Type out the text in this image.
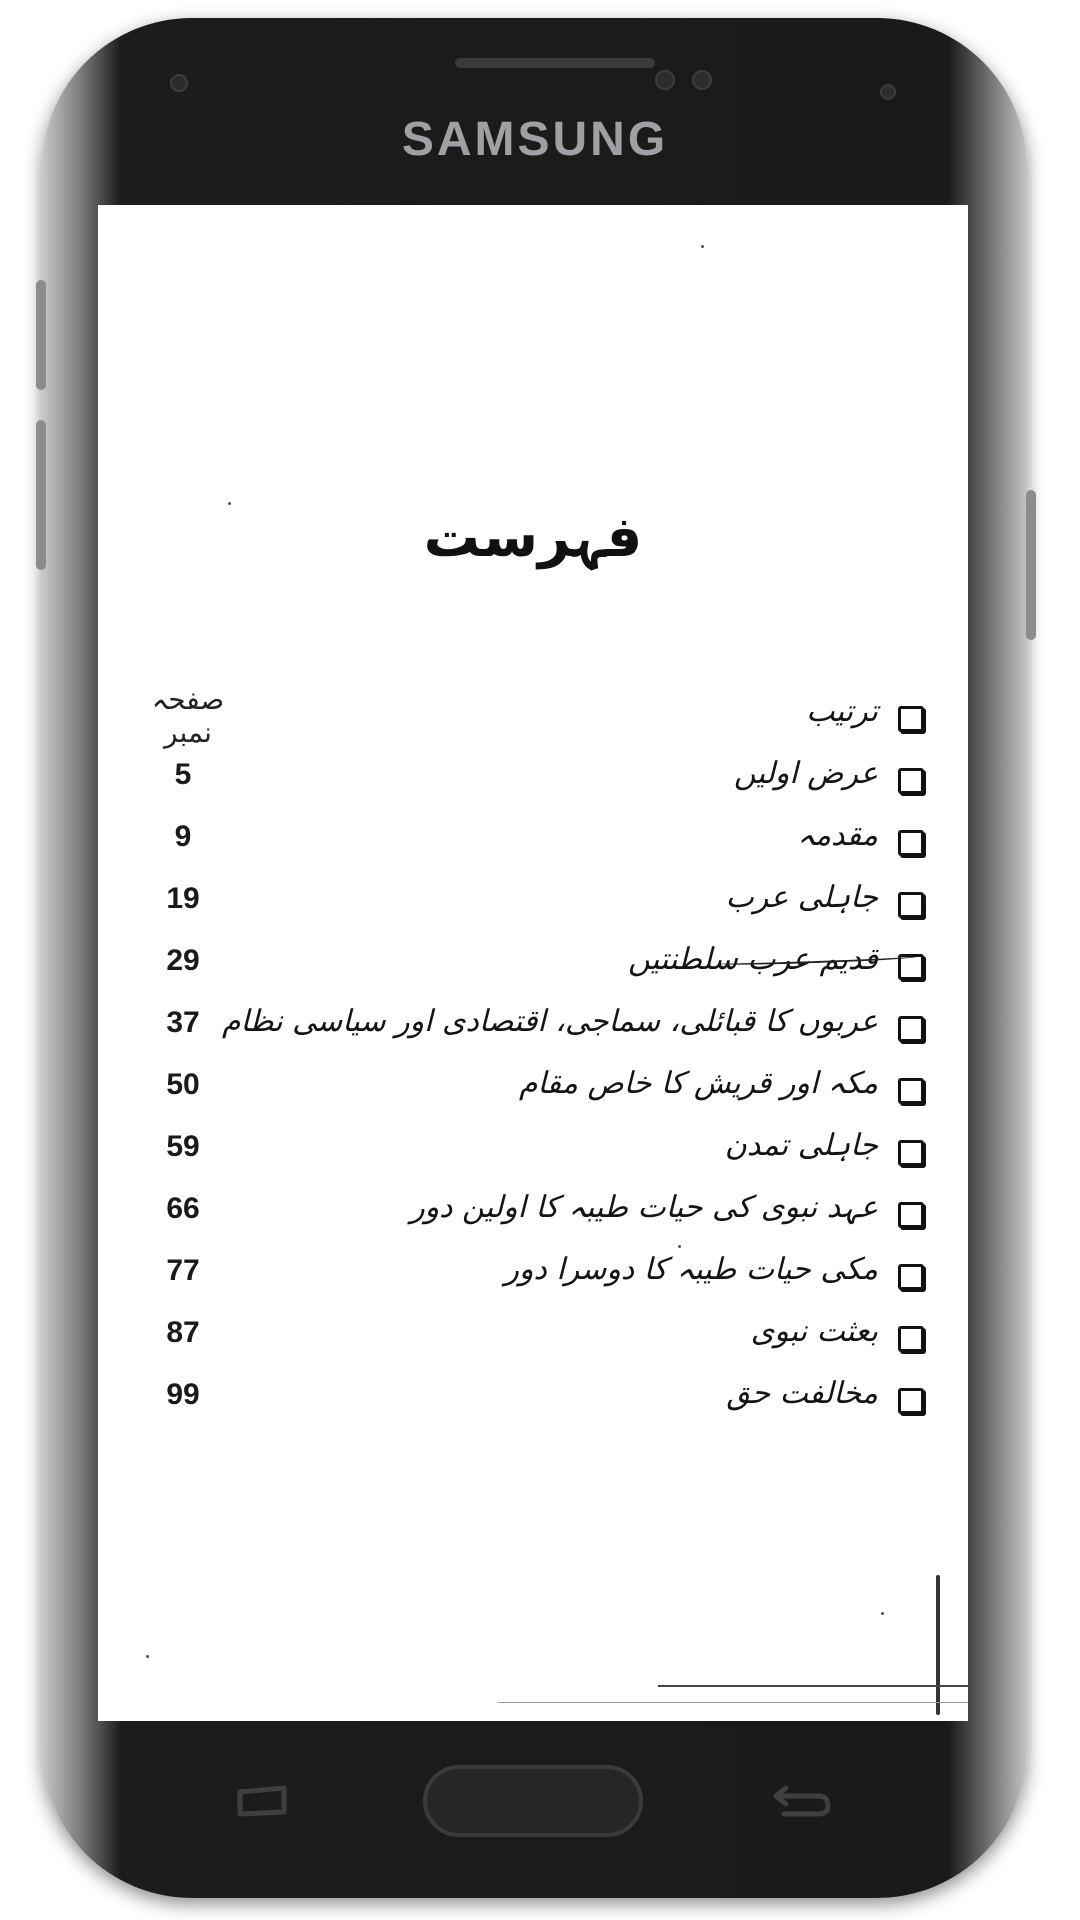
SAMSUNG
فہرست
صفحہ نمبر
ترتیب
عرض اولیں
5
مقدمہ
9
جاہلی عرب
19
قدیم عرب سلطنتیں
29
عربوں کا قبائلی، سماجی، اقتصادی اور سیاسی نظام
37
مکہ اور قریش کا خاص مقام
50
جاہلی تمدن
59
عہد نبوی کی حیات طیبہ کا اولین دور
66
مکی حیات طیبہ کا دوسرا دور
77
بعثت نبوی
87
مخالفت حق
99
